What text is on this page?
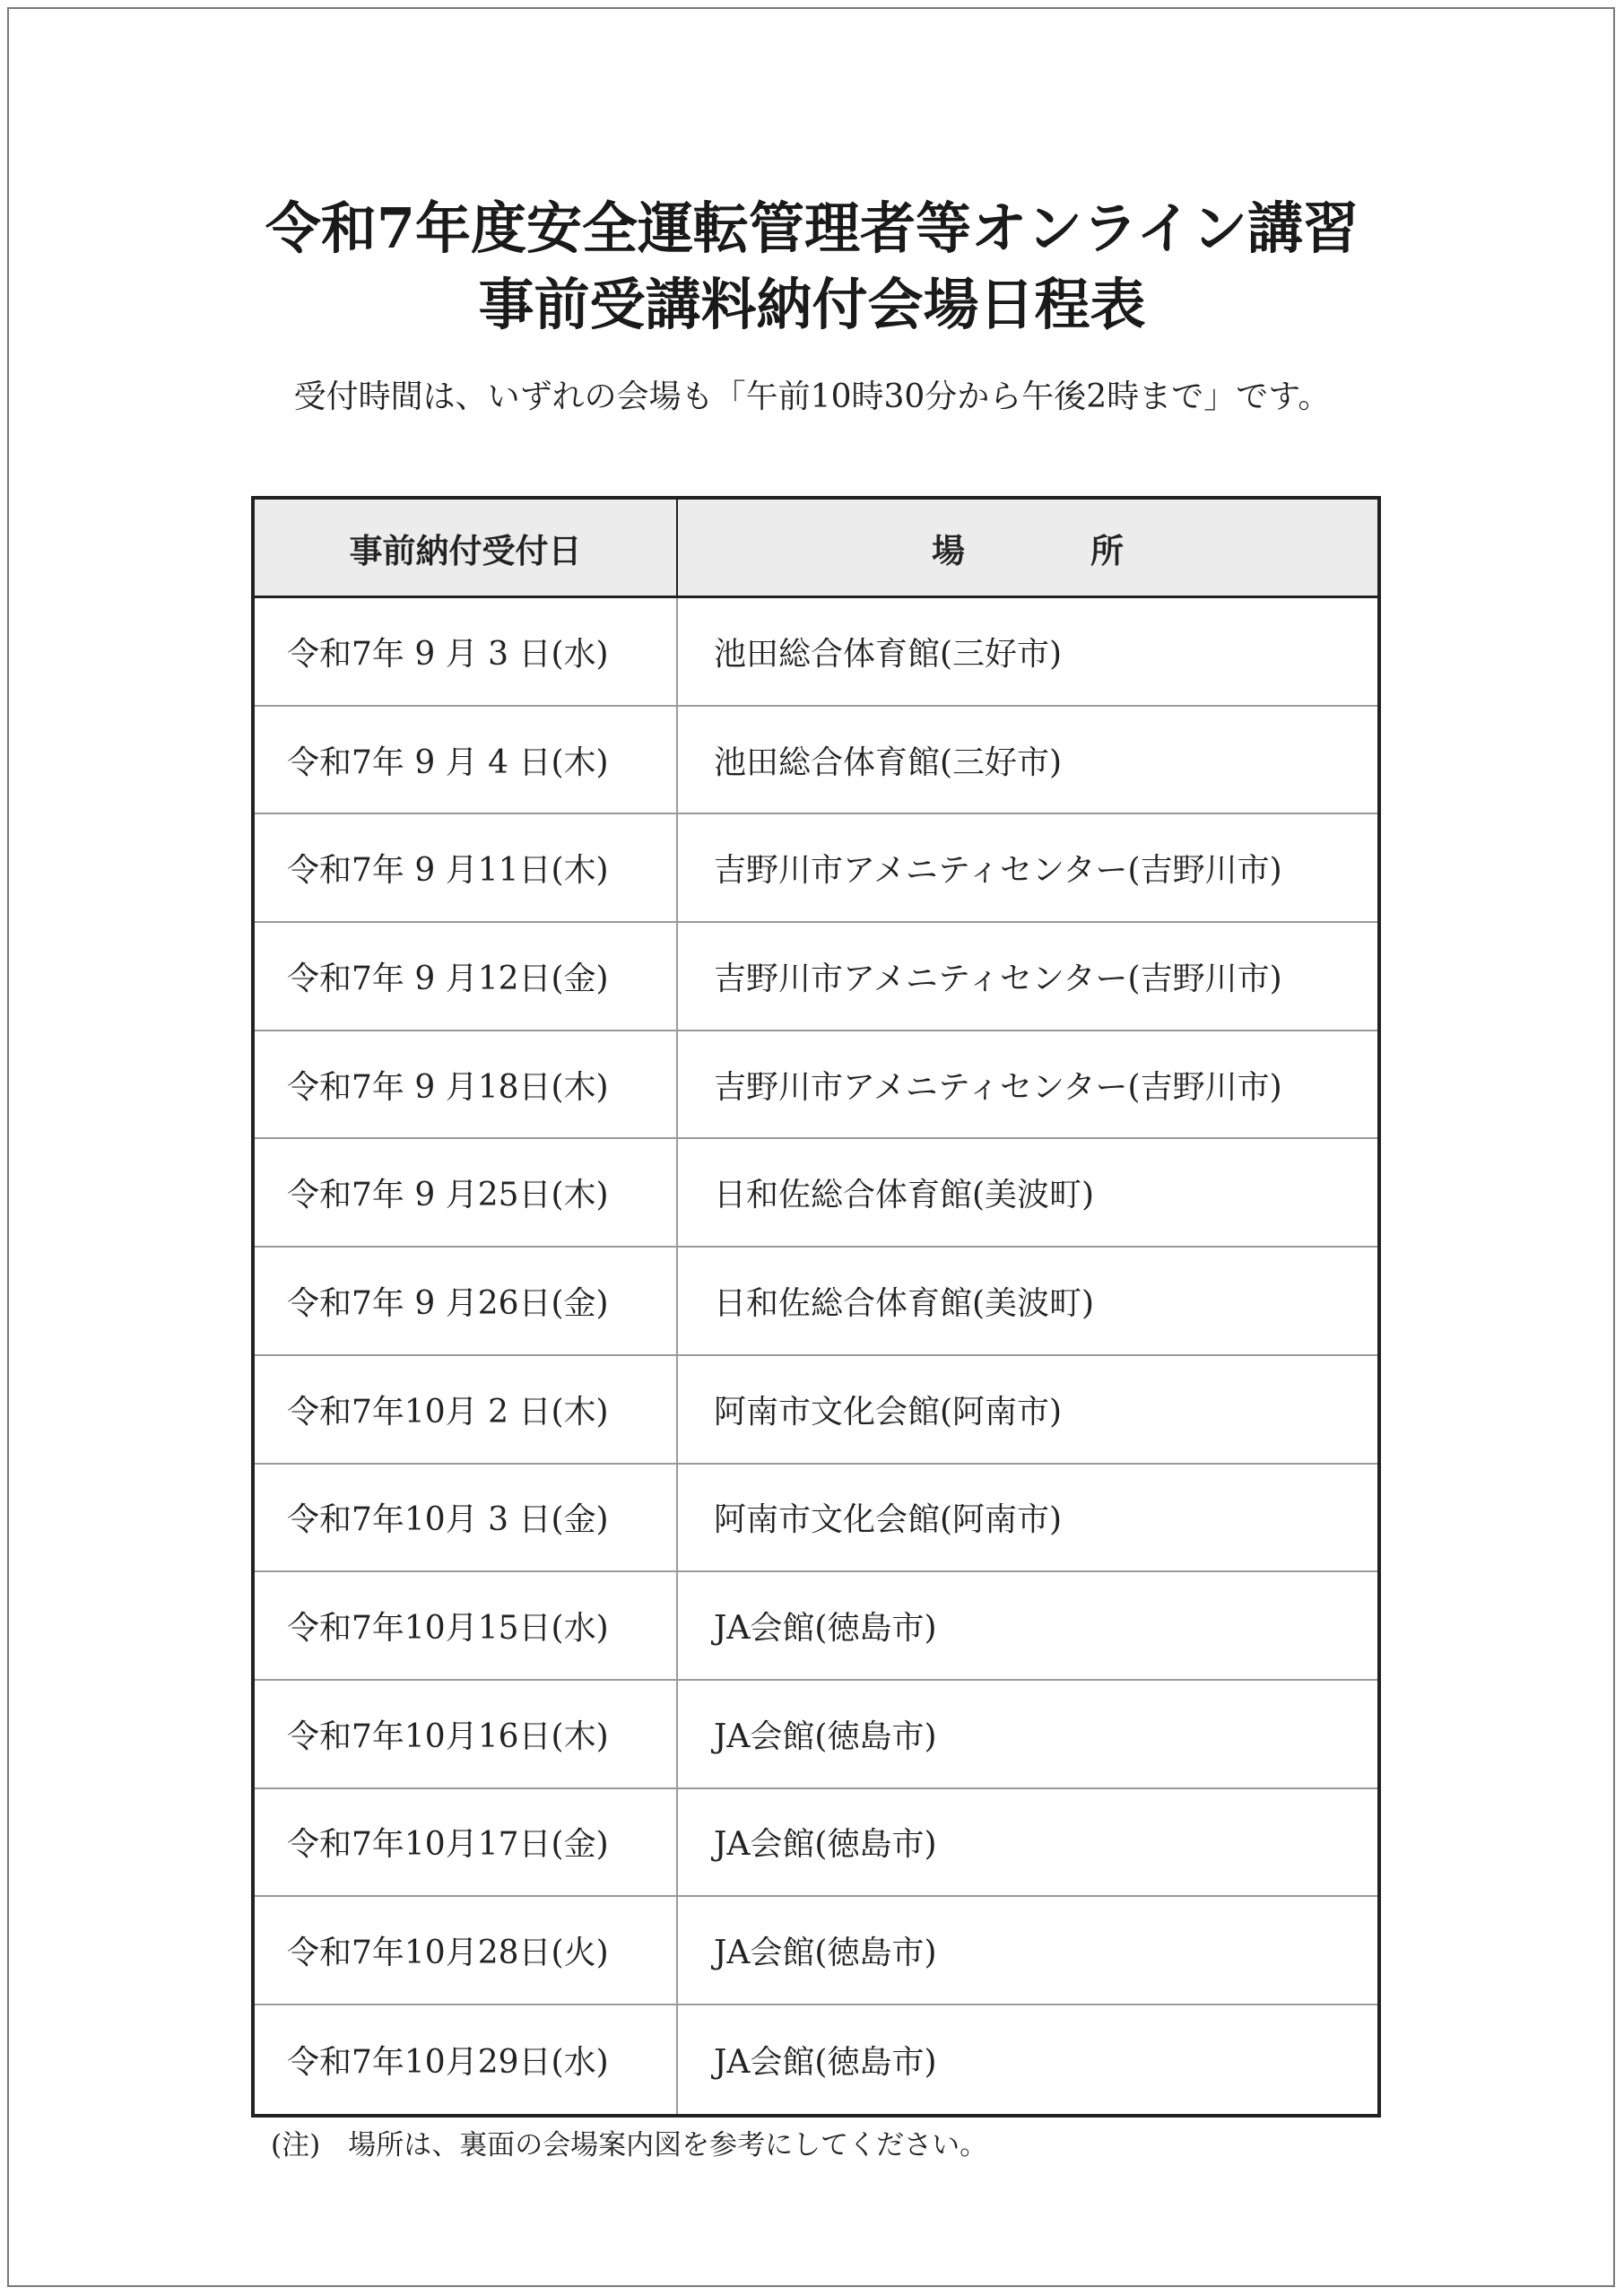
令和7年度安全運転管理者等オンライン講習
事前受講料納付会場日程表
受付時間は、いずれの会場も「午前10時30分から午後2時まで」です。
事前納付受付日	場所
令和7年 9 月 3 日(水)	池田総合体育館(三好市)
令和7年 9 月 4 日(木)	池田総合体育館(三好市)
令和7年 9 月11日(木)	吉野川市アメニティセンター(吉野川市)
令和7年 9 月12日(金)	吉野川市アメニティセンター(吉野川市)
令和7年 9 月18日(木)	吉野川市アメニティセンター(吉野川市)
令和7年 9 月25日(木)	日和佐総合体育館(美波町)
令和7年 9 月26日(金)	日和佐総合体育館(美波町)
令和7年10月 2 日(木)	阿南市文化会館(阿南市)
令和7年10月 3 日(金)	阿南市文化会館(阿南市)
令和7年10月15日(水)	JA会館(徳島市)
令和7年10月16日(木)	JA会館(徳島市)
令和7年10月17日(金)	JA会館(徳島市)
令和7年10月28日(火)	JA会館(徳島市)
令和7年10月29日(水)	JA会館(徳島市)
(注)　場所は、裏面の会場案内図を参考にしてください。
